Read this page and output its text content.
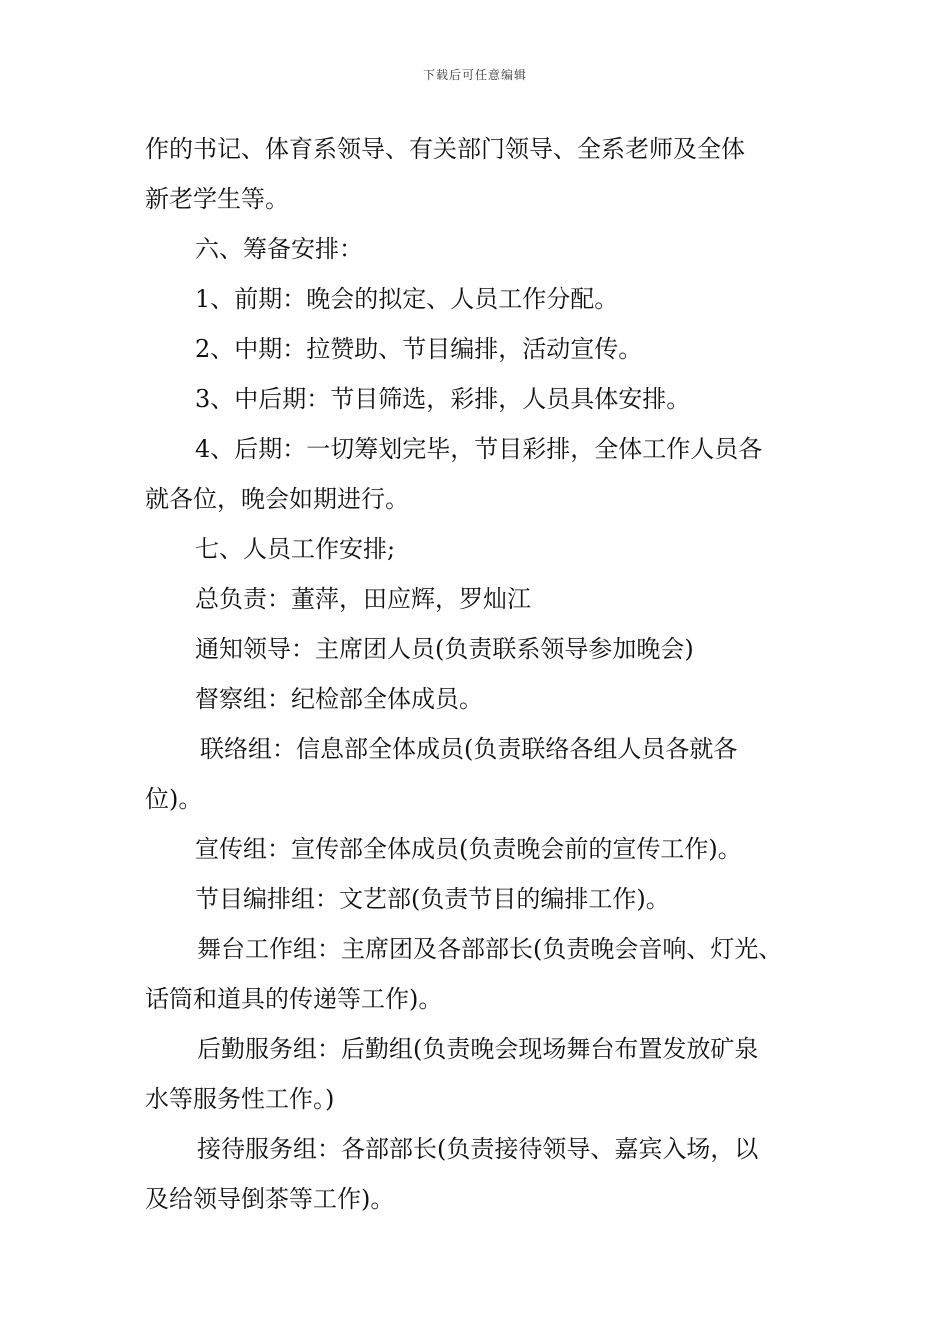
下载后可任意编辑
作的书记、体育系领导、有关部门领导、全系老师及全体
新老学生等。
六、筹备安排：
1、前期：晚会的拟定、人员工作分配。
2、中期：拉赞助、节目编排，活动宣传。
3、中后期：节目筛选，彩排，人员具体安排。
4、后期：一切筹划完毕，节目彩排，全体工作人员各
就各位，晚会如期进行。
七、人员工作安排;
总负责：董萍，田应辉，罗灿江
通知领导：主席团人员(负责联系领导参加晚会)
督察组：纪检部全体成员。
联络组：信息部全体成员(负责联络各组人员各就各
位)。
宣传组：宣传部全体成员(负责晚会前的宣传工作)。
节目编排组：文艺部(负责节目的编排工作)。
舞台工作组：主席团及各部部长(负责晚会音响、灯光、
话筒和道具的传递等工作)。
后勤服务组：后勤组(负责晚会现场舞台布置发放矿泉
水等服务性工作。)
接待服务组：各部部长(负责接待领导、嘉宾入场，以
及给领导倒茶等工作)。
